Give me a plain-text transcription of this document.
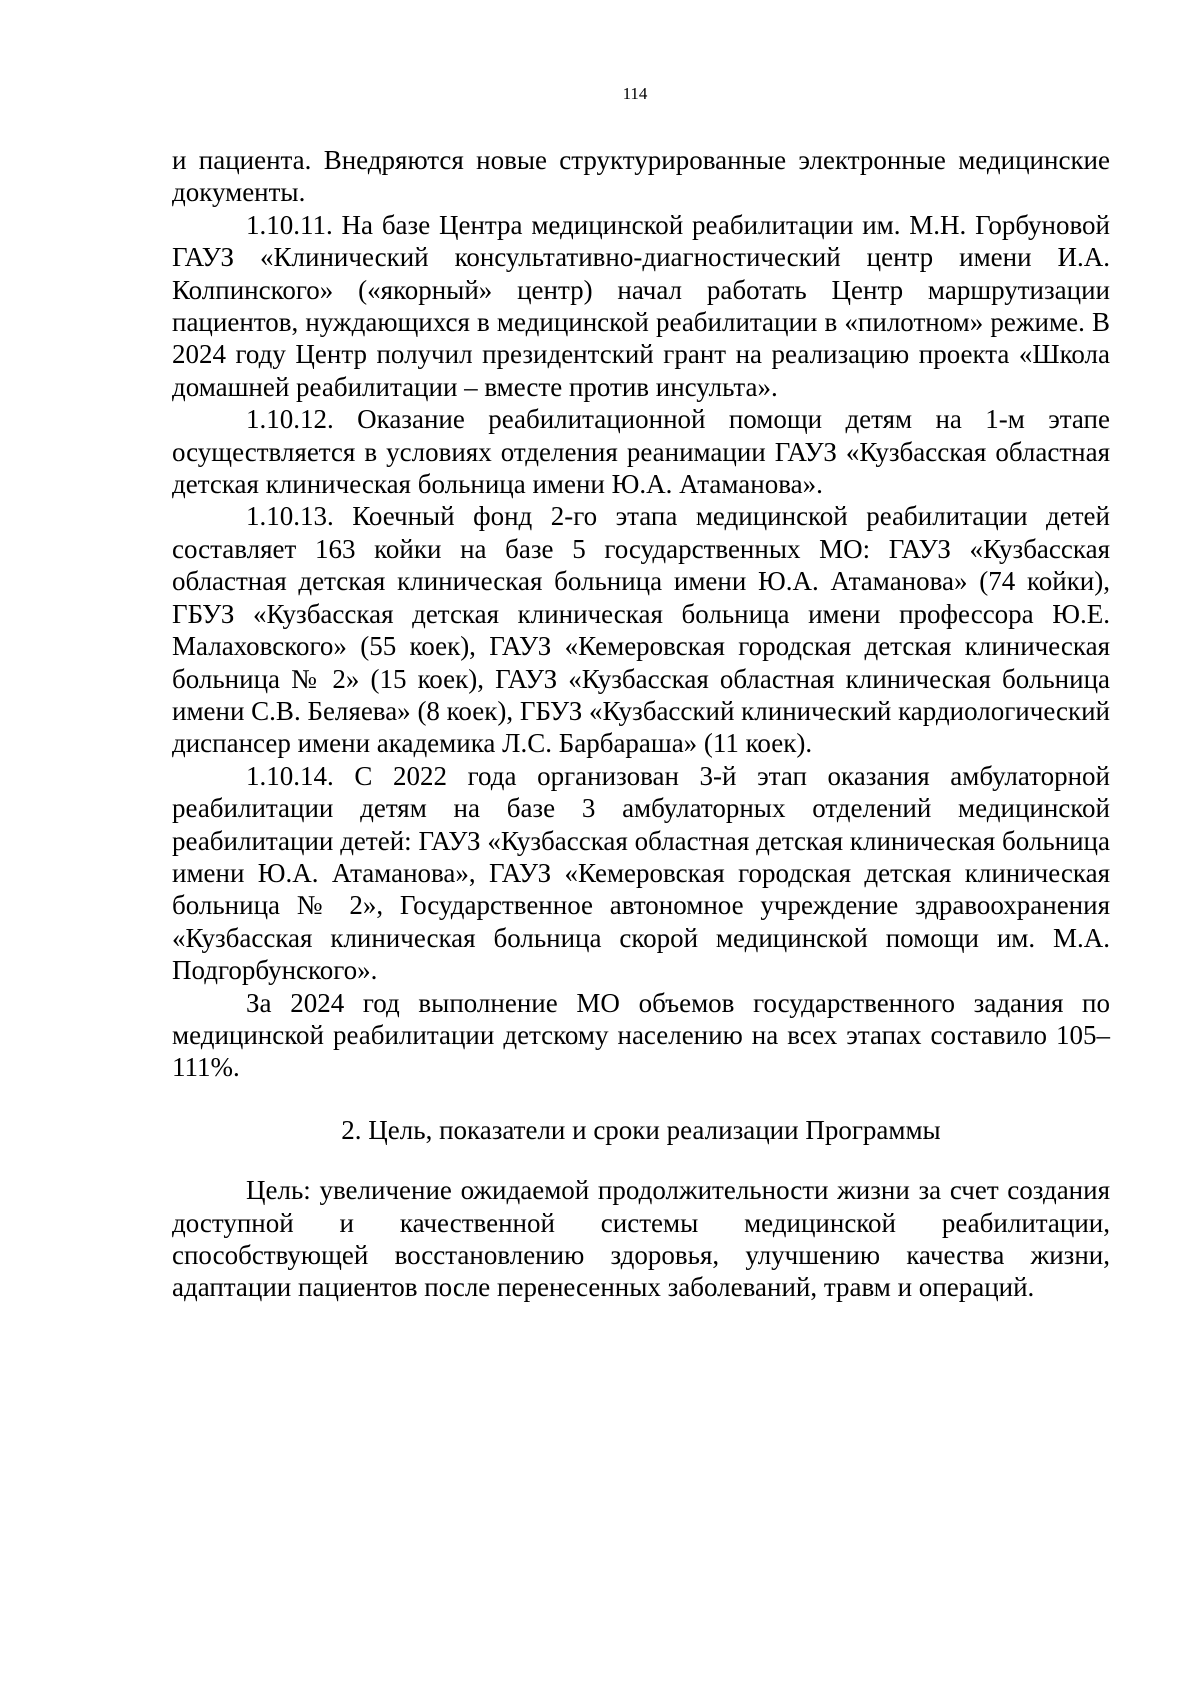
114

и пациента. Внедряются новые структурированные электронные медицинские документы.

1.10.11. На базе Центра медицинской реабилитации им. М.Н. Горбуновой ГАУЗ «Клинический консультативно-диагностический центр имени И.А. Колпинского» («якорный» центр) начал работать Центр маршрутизации пациентов, нуждающихся в медицинской реабилитации в «пилотном» режиме. В 2024 году Центр получил президентский грант на реализацию проекта «Школа домашней реабилитации – вместе против инсульта».

1.10.12. Оказание реабилитационной помощи детям на 1-м этапе осуществляется в условиях отделения реанимации ГАУЗ «Кузбасская областная детская клиническая больница имени Ю.А. Атаманова».

1.10.13. Коечный фонд 2-го этапа медицинской реабилитации детей составляет 163 койки на базе 5 государственных МО: ГАУЗ «Кузбасская областная детская клиническая больница имени Ю.А. Атаманова» (74 койки), ГБУЗ «Кузбасская детская клиническая больница имени профессора Ю.Е. Малаховского» (55 коек), ГАУЗ «Кемеровская городская детская клиническая больница № 2» (15 коек), ГАУЗ «Кузбасская областная клиническая больница имени С.В. Беляева» (8 коек), ГБУЗ «Кузбасский клинический кардиологический диспансер имени академика Л.С. Барбараша» (11 коек).

1.10.14. С 2022 года организован 3-й этап оказания амбулаторной реабилитации детям на базе 3 амбулаторных отделений медицинской реабилитации детей: ГАУЗ «Кузбасская областная детская клиническая больница имени Ю.А. Атаманова», ГАУЗ «Кемеровская городская детская клиническая больница № 2», Государственное автономное учреждение здравоохранения «Кузбасская клиническая больница скорой медицинской помощи им. М.А. Подгорбунского».

За 2024 год выполнение МО объемов государственного задания по медицинской реабилитации детскому населению на всех этапах составило 105–111%.

2. Цель, показатели и сроки реализации Программы

Цель: увеличение ожидаемой продолжительности жизни за счет создания доступной и качественной системы медицинской реабилитации, способствующей восстановлению здоровья, улучшению качества жизни, адаптации пациентов после перенесенных заболеваний, травм и операций.
